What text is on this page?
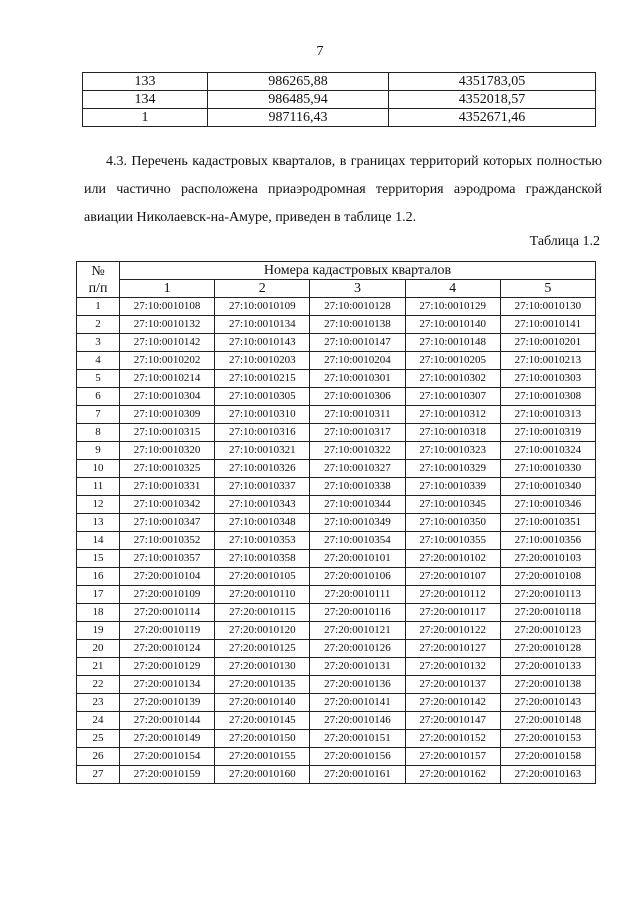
7
133	986265,88	4351783,05
134	986485,94	4352018,57
1	987116,43	4352671,46
4.3. Перечень кадастровых кварталов, в границах территорий которых полностью или частично расположена приаэродромная территория аэродрома гражданской авиации Николаевск-на-Амуре, приведен в таблице 1.2.
Таблица 1.2
№
п/п	Номера кадастровых кварталов				
	1	2	3	4	5
1	27:10:0010108	27:10:0010109	27:10:0010128	27:10:0010129	27:10:0010130
2	27:10:0010132	27:10:0010134	27:10:0010138	27:10:0010140	27:10:0010141
3	27:10:0010142	27:10:0010143	27:10:0010147	27:10:0010148	27:10:0010201
4	27:10:0010202	27:10:0010203	27:10:0010204	27:10:0010205	27:10:0010213
5	27:10:0010214	27:10:0010215	27:10:0010301	27:10:0010302	27:10:0010303
6	27:10:0010304	27:10:0010305	27:10:0010306	27:10:0010307	27:10:0010308
7	27:10:0010309	27:10:0010310	27:10:0010311	27:10:0010312	27:10:0010313
8	27:10:0010315	27:10:0010316	27:10:0010317	27:10:0010318	27:10:0010319
9	27:10:0010320	27:10:0010321	27:10:0010322	27:10:0010323	27:10:0010324
10	27:10:0010325	27:10:0010326	27:10:0010327	27:10:0010329	27:10:0010330
11	27:10:0010331	27:10:0010337	27:10:0010338	27:10:0010339	27:10:0010340
12	27:10:0010342	27:10:0010343	27:10:0010344	27:10:0010345	27:10:0010346
13	27:10:0010347	27:10:0010348	27:10:0010349	27:10:0010350	27:10:0010351
14	27:10:0010352	27:10:0010353	27:10:0010354	27:10:0010355	27:10:0010356
15	27:10:0010357	27:10:0010358	27:20:0010101	27:20:0010102	27:20:0010103
16	27:20:0010104	27:20:0010105	27:20:0010106	27:20:0010107	27:20:0010108
17	27:20:0010109	27:20:0010110	27:20:0010111	27:20:0010112	27:20:0010113
18	27:20:0010114	27:20:0010115	27:20:0010116	27:20:0010117	27:20:0010118
19	27:20:0010119	27:20:0010120	27:20:0010121	27:20:0010122	27:20:0010123
20	27:20:0010124	27:20:0010125	27:20:0010126	27:20:0010127	27:20:0010128
21	27:20:0010129	27:20:0010130	27:20:0010131	27:20:0010132	27:20:0010133
22	27:20:0010134	27:20:0010135	27:20:0010136	27:20:0010137	27:20:0010138
23	27:20:0010139	27:20:0010140	27:20:0010141	27:20:0010142	27:20:0010143
24	27:20:0010144	27:20:0010145	27:20:0010146	27:20:0010147	27:20:0010148
25	27:20:0010149	27:20:0010150	27:20:0010151	27:20:0010152	27:20:0010153
26	27:20:0010154	27:20:0010155	27:20:0010156	27:20:0010157	27:20:0010158
27	27:20:0010159	27:20:0010160	27:20:0010161	27:20:0010162	27:20:0010163
